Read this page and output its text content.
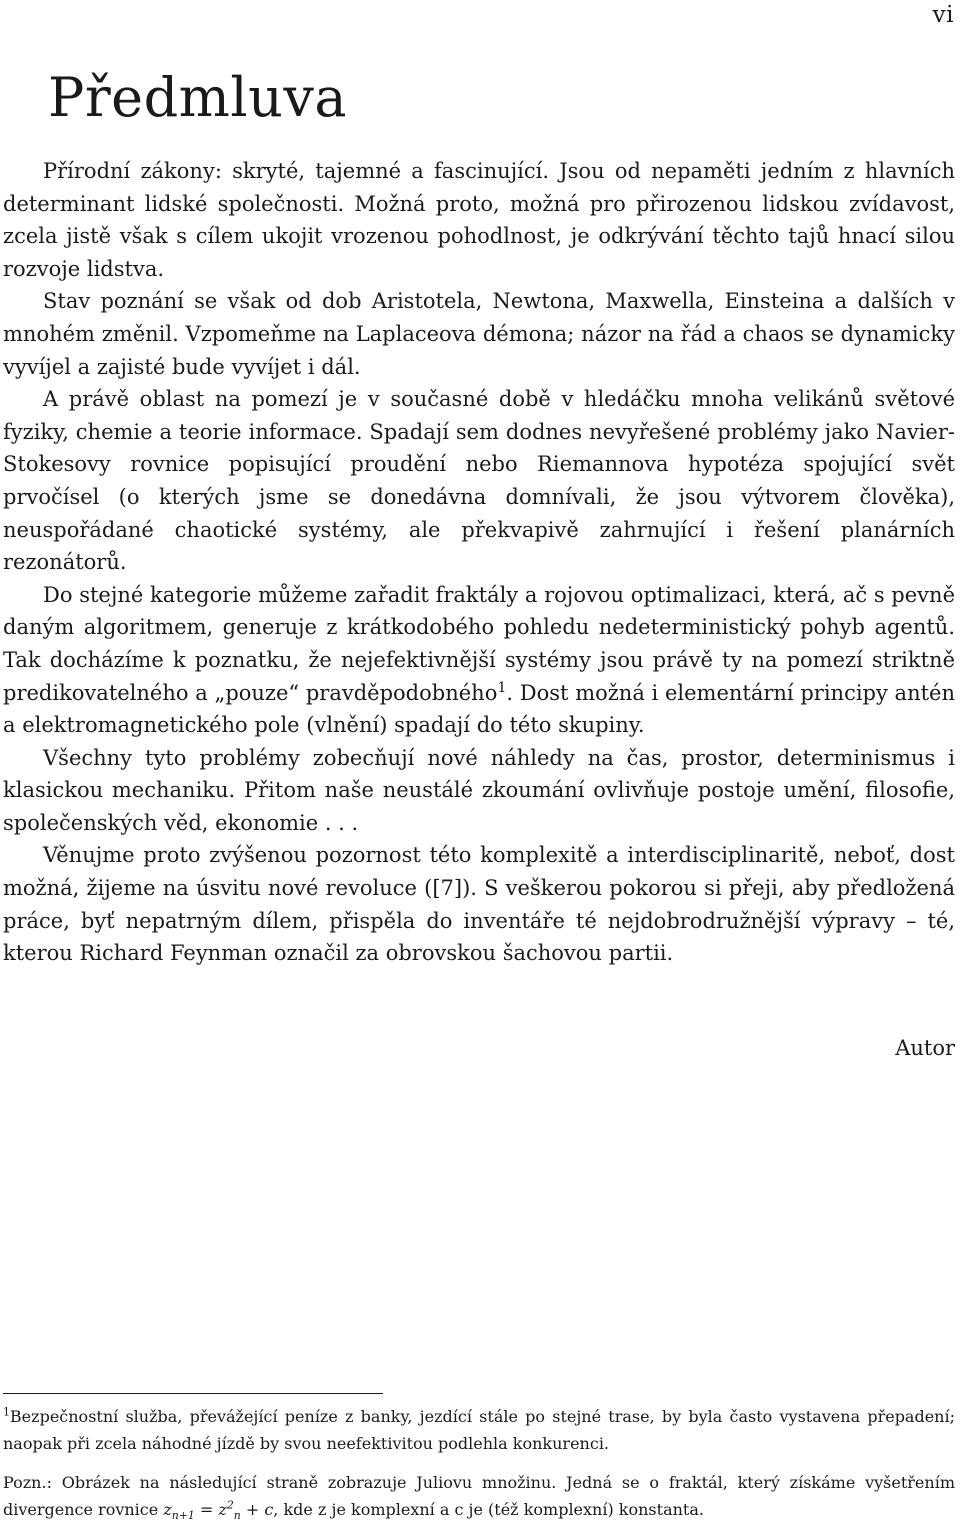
vi
Předmluva

Přírodní zákony: skryté, tajemné a fascinující. Jsou od nepaměti jedním z hlavních determinant lidské společnosti. Možná proto, možná pro přirozenou lidskou zvídavost, zcela jistě však s cílem ukojit vrozenou pohodlnost, je odkrývání těchto tajů hnací silou rozvoje lidstva.

Stav poznání se však od dob Aristotela, Newtona, Maxwella, Einsteina a dalších v mnohém změnil. Vzpomeňme na Laplaceova démona; názor na řád a chaos se dynamicky vyvíjel a zajisté bude vyvíjet i dál.

A právě oblast na pomezí je v současné době v hledáčku mnoha velikánů světové fyziky, chemie a teorie informace. Spadají sem dodnes nevyřešené problémy jako Navier-Stokesovy rovnice popisující proudění nebo Riemannova hypotéza spojující svět prvočísel (o kterých jsme se donedávna domnívali, že jsou výtvorem člověka), neuspořádané chaotické systémy, ale překvapivě zahrnující i řešení planárních rezonátorů.

Do stejné kategorie můžeme zařadit fraktály a rojovou optimalizaci, která, ač s pevně daným algoritmem, generuje z krátkodobého pohledu nedeterministický pohyb agentů. Tak docházíme k poznatku, že nejefektivnější systémy jsou právě ty na pomezí striktně predikovatelného a „pouze“ pravděpodobného$^1$. Dost možná i elementární principy antén a elektromagnetického pole (vlnění) spadají do této skupiny.

Všechny tyto problémy zobecňují nové náhledy na čas, prostor, determinismus i klasickou mechaniku. Přitom naše neustálé zkoumání ovlivňuje postoje umění, filosofie, společenských věd, ekonomie . . .

Věnujme proto zvýšenou pozornost této komplexitě a interdisciplinaritě, neboť, dost možná, žijeme na úsvitu nové revoluce ([7]). S veškerou pokorou si přeji, aby předložená práce, byť nepatrným dílem, přispěla do inventáře té nejdobrodružnější výpravy – té, kterou Richard Feynman označil za obrovskou šachovou partii.

Autor

$^1$Bezpečnostní služba, převážející peníze z banky, jezdící stále po stejné trase, by byla často vystavena přepadení; naopak při zcela náhodné jízdě by svou neefektivitou podlehla konkurenci.

Pozn.: Obrázek na následující straně zobrazuje Juliovu množinu. Jedná se o fraktál, který získáme vyšetřením divergence rovnice $z_{n+1} = z^2_n + c$, kde z je komplexní a c je (též komplexní) konstanta.
